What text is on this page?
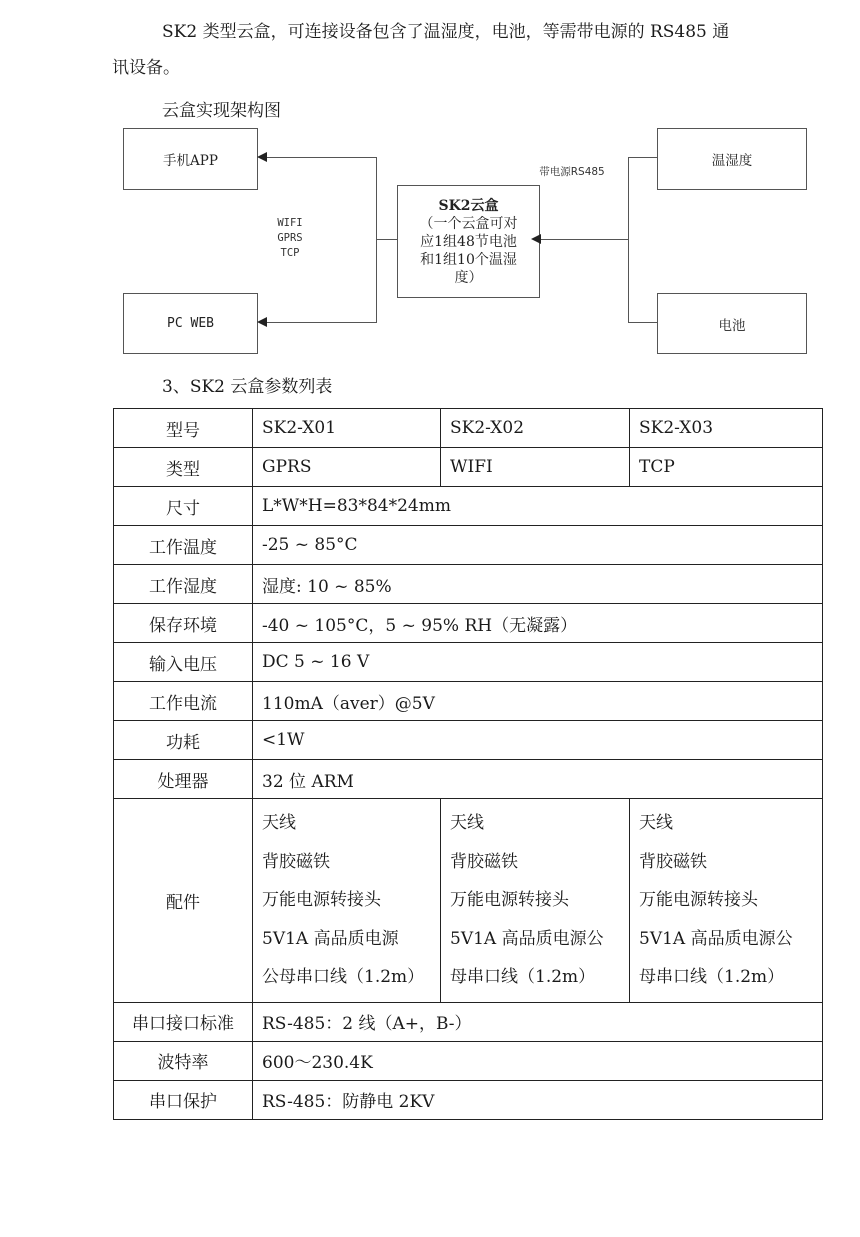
SK2 类型云盒，可连接设备包含了温湿度，电池，等需带电源的 RS485 通
讯设备。
云盒实现架构图
手机APP
PC WEB
SK2云盒
（一个云盒可对
应1组48节电池
和1组10个温湿
度）
温湿度
电池
WIFI
GPRS
TCP
带电源RS485
3、SK2 云盒参数列表
型号	SK2-X01	SK2-X02	SK2-X03
类型	GPRS	WIFI	TCP
尺寸	L*W*H=83*84*24mm		
工作温度	-25 ~ 85°C		
工作湿度	湿度: 10 ~ 85%		
保存环境	-40 ~ 105°C，5 ~ 95% RH（无凝露）		
输入电压	DC 5 ~ 16 V		
工作电流	110mA（aver）@5V		
功耗	<1W		
处理器	32 位 ARM		
配件	天线
背胶磁铁
万能电源转接头
5V1A 高品质电源
公母串口线（1.2m）	天线
背胶磁铁
万能电源转接头
5V1A 高品质电源公
母串口线（1.2m）	天线
背胶磁铁
万能电源转接头
5V1A 高品质电源公
母串口线（1.2m）

串口接口标准	RS-485：2 线（A+，B-）		
波特率	600～230.4K		
串口保护	RS-485：防静电 2KV		
